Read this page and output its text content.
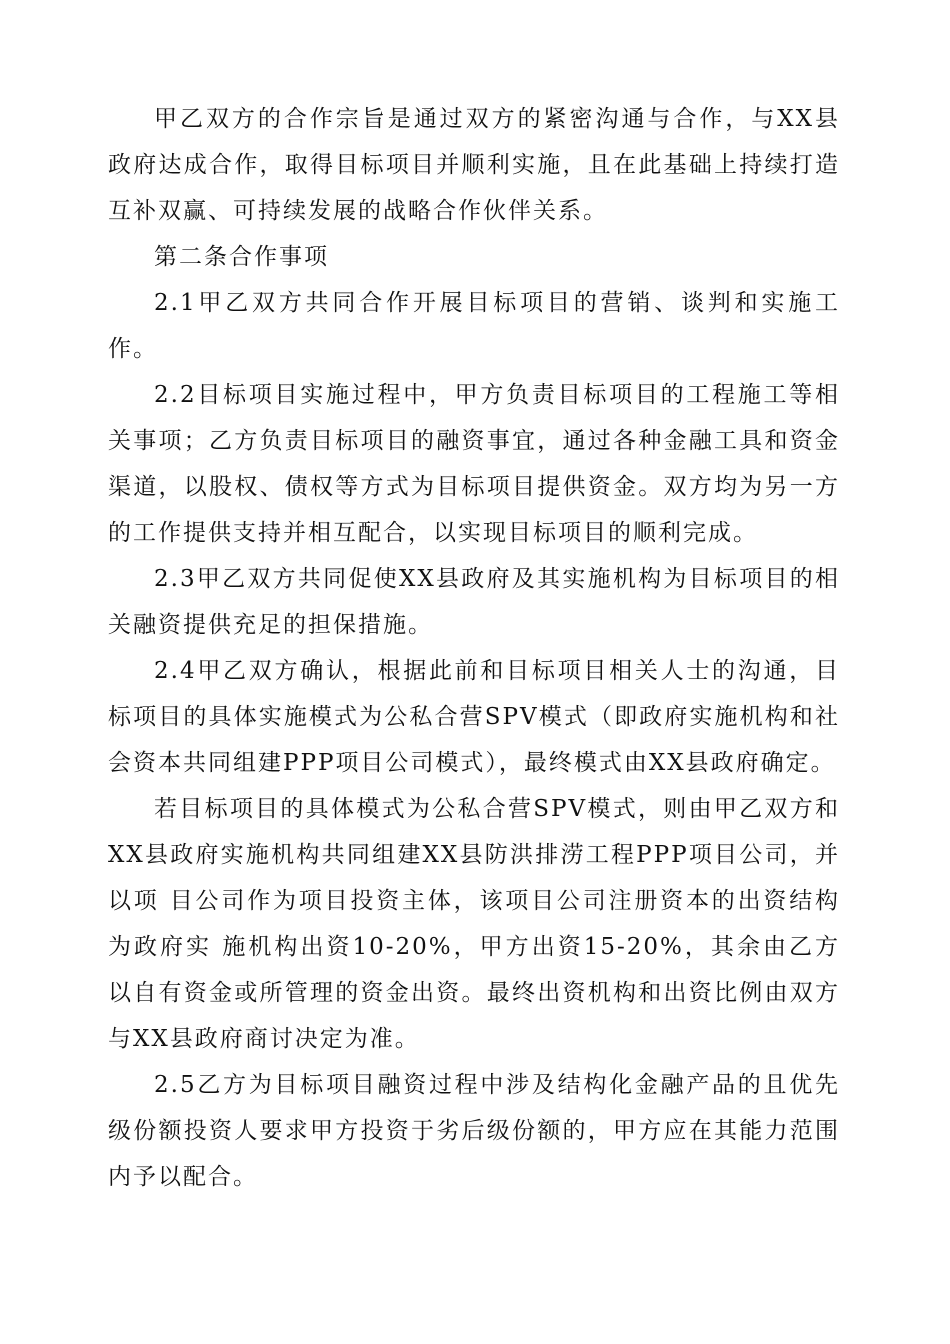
甲乙双方的合作宗旨是通过双方的紧密沟通与合作，与XX县政府达成合作，取得目标项目并顺利实施，且在此基础上持续打造互补双赢、可持续发展的战略合作伙伴关系。

第二条合作事项

2.1甲乙双方共同合作开展目标项目的营销、谈判和实施工作。

2.2目标项目实施过程中，甲方负责目标项目的工程施工等相关事项；乙方负责目标项目的融资事宜，通过各种金融工具和资金渠道，以股权、债权等方式为目标项目提供资金。双方均为另一方的工作提供支持并相互配合，以实现目标项目的顺利完成。

2.3甲乙双方共同促使XX县政府及其实施机构为目标项目的相关融资提供充足的担保措施。

2.4甲乙双方确认，根据此前和目标项目相关人士的沟通，目标项目的具体实施模式为公私合营SPV模式（即政府实施机构和社会资本共同组建PPP项目公司模式），最终模式由XX县政府确定。

若目标项目的具体模式为公私合营SPV模式，则由甲乙双方和XX县政府实施机构共同组建XX县防洪排涝工程PPP项目公司，并以项 目公司作为项目投资主体，该项目公司注册资本的出资结构为政府实 施机构出资10-20%，甲方出资15-20%，其余由乙方以自有资金或所管理的资金出资。最终出资机构和出资比例由双方与XX县政府商讨决定为准。

2.5乙方为目标项目融资过程中涉及结构化金融产品的且优先级份额投资人要求甲方投资于劣后级份额的，甲方应在其能力范围内予以配合。
